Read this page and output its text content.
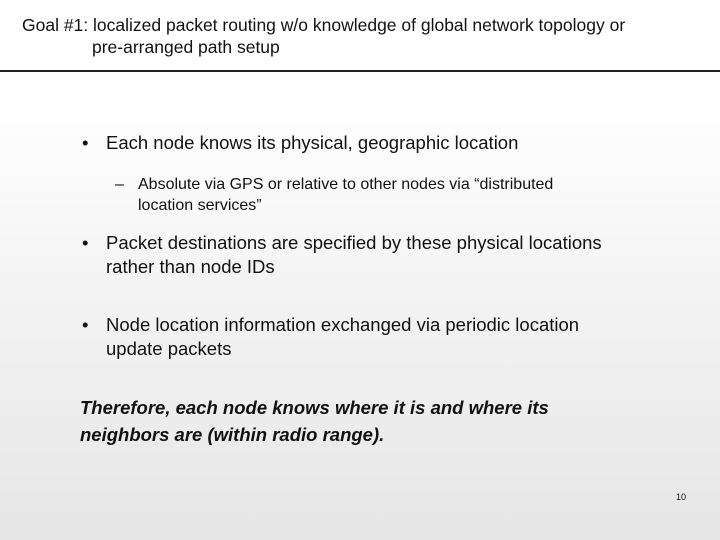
Goal #1: localized packet routing w/o knowledge of global network topology or
pre-arranged path setup
• Each node knows its physical, geographic location
– Absolute via GPS or relative to other nodes via “distributed
location services”
• Packet destinations are specified by these physical locations
rather than node IDs
• Node location information exchanged via periodic location
update packets
Therefore, each node knows where it is and where its
neighbors are (within radio range).
10
